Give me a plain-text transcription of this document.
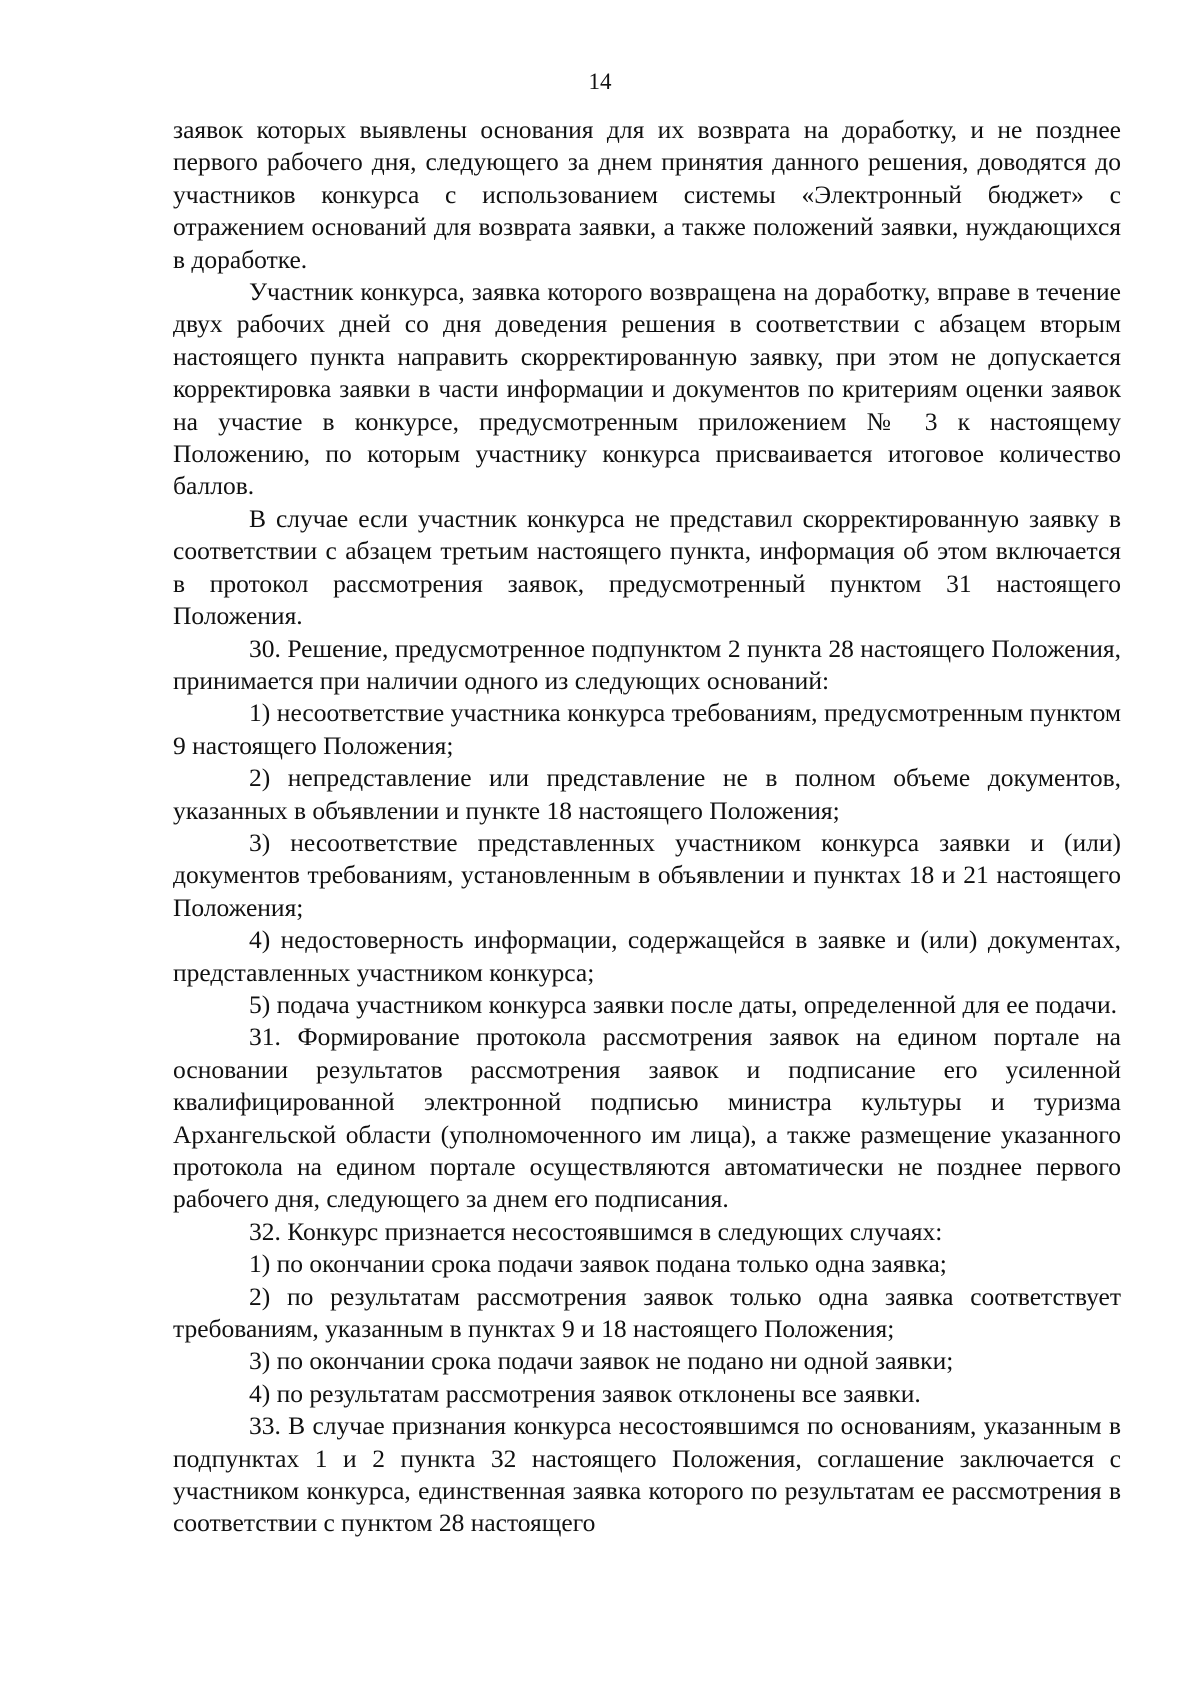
14

заявок которых выявлены основания для их возврата на доработку, и не позднее первого рабочего дня, следующего за днем принятия данного решения, доводятся до участников конкурса с использованием системы «Электронный бюджет» с отражением оснований для возврата заявки, а также положений заявки, нуждающихся в доработке.

Участник конкурса, заявка которого возвращена на доработку, вправе в течение двух рабочих дней со дня доведения решения в соответствии с абзацем вторым настоящего пункта направить скорректированную заявку, при этом не допускается корректировка заявки в части информации и документов по критериям оценки заявок на участие в конкурсе, предусмотренным приложением № 3 к настоящему Положению, по которым участнику конкурса присваивается итоговое количество баллов.

В случае если участник конкурса не представил скорректированную заявку в соответствии с абзацем третьим настоящего пункта, информация об этом включается в протокол рассмотрения заявок, предусмотренный пунктом 31 настоящего Положения.

30. Решение, предусмотренное подпунктом 2 пункта 28 настоящего Положения, принимается при наличии одного из следующих оснований:

1) несоответствие участника конкурса требованиям, предусмотренным пунктом 9 настоящего Положения;

2) непредставление или представление не в полном объеме документов, указанных в объявлении и пункте 18 настоящего Положения;

3) несоответствие представленных участником конкурса заявки и (или) документов требованиям, установленным в объявлении и пунктах 18 и 21 настоящего Положения;

4) недостоверность информации, содержащейся в заявке и (или) документах, представленных участником конкурса;

5) подача участником конкурса заявки после даты, определенной для ее подачи.

31. Формирование протокола рассмотрения заявок на едином портале на основании результатов рассмотрения заявок и подписание его усиленной квалифицированной электронной подписью министра культуры и туризма Архангельской области (уполномоченного им лица), а также размещение указанного протокола на едином портале осуществляются автоматически не позднее первого рабочего дня, следующего за днем его подписания.

32. Конкурс признается несостоявшимся в следующих случаях:

1) по окончании срока подачи заявок подана только одна заявка;

2) по результатам рассмотрения заявок только одна заявка соответствует требованиям, указанным в пунктах 9 и 18 настоящего Положения;

3) по окончании срока подачи заявок не подано ни одной заявки;

4) по результатам рассмотрения заявок отклонены все заявки.

33. В случае признания конкурса несостоявшимся по основаниям, указанным в подпунктах 1 и 2 пункта 32 настоящего Положения, соглашение заключается с участником конкурса, единственная заявка которого по результатам ее рассмотрения в соответствии с пунктом 28 настоящего
